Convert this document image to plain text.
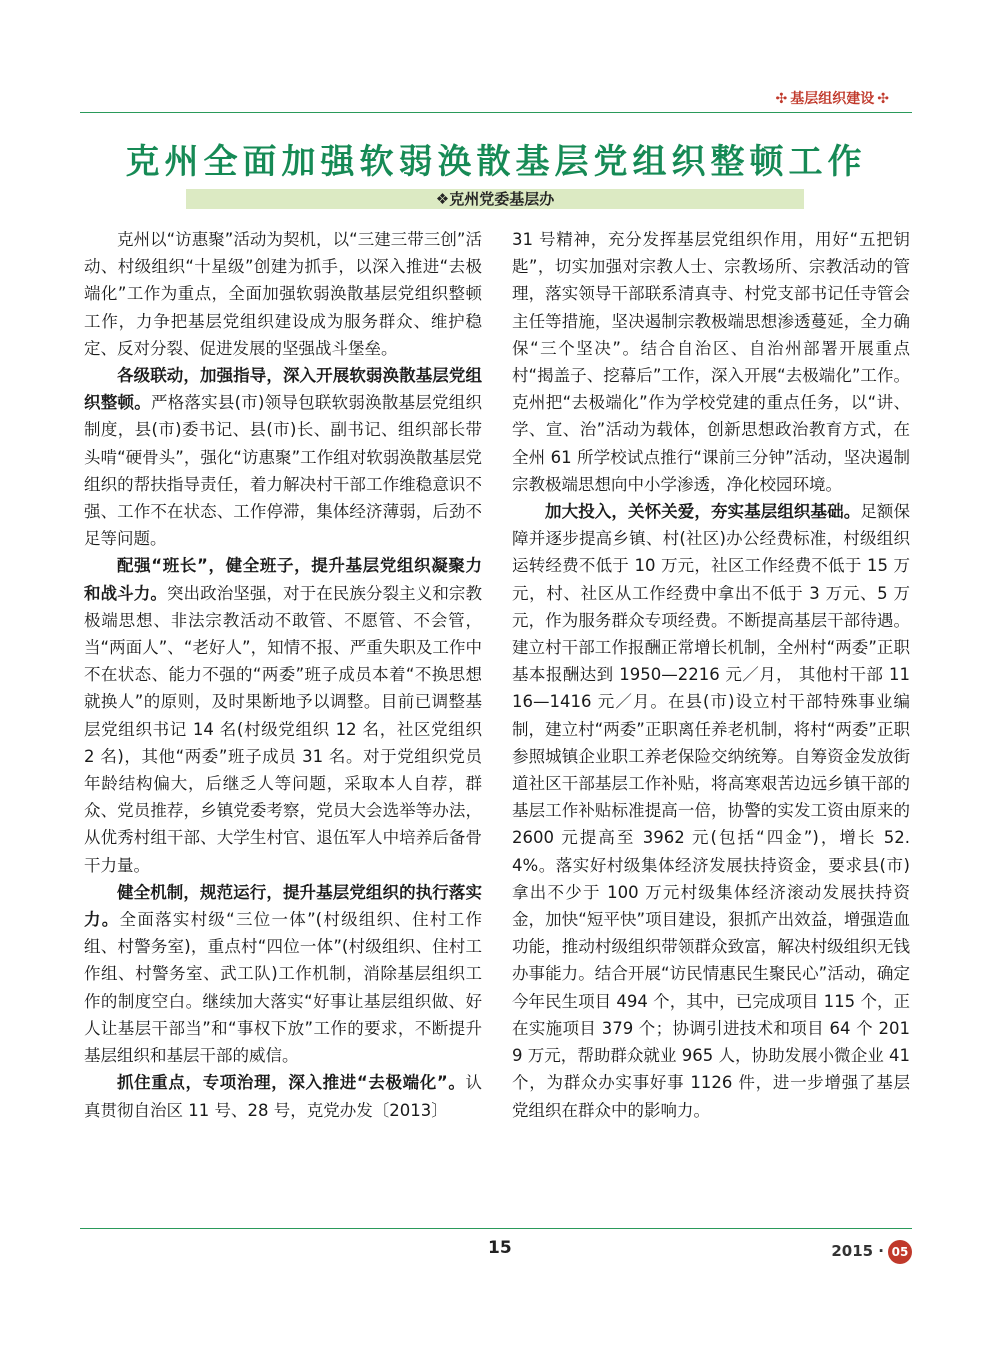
✣ 基层组织建设 ✣
克州全面加强软弱涣散基层党组织整顿工作
❖克州党委基层办

克州以“访惠聚”活动为契机，以“三建三带三创”活动、村级组织“十星级”创建为抓手，以深入推进“去极端化”工作为重点，全面加强软弱涣散基层党组织整顿工作，力争把基层党组织建设成为服务群众、维护稳定、反对分裂、促进发展的坚强战斗堡垒。

各级联动，加强指导，深入开展软弱涣散基层党组织整顿。严格落实县(市)领导包联软弱涣散基层党组织制度，县(市)委书记、县(市)长、副书记、组织部长带头啃“硬骨头”，强化“访惠聚”工作组对软弱涣散基层党组织的帮扶指导责任，着力解决村干部工作维稳意识不强、工作不在状态、工作停滞，集体经济薄弱，后劲不足等问题。

配强“班长”，健全班子，提升基层党组织凝聚力和战斗力。突出政治坚强，对于在民族分裂主义和宗教极端思想、非法宗教活动不敢管、不愿管、不会管，当“两面人”、“老好人”，知情不报、严重失职及工作中不在状态、能力不强的“两委”班子成员本着“不换思想就换人”的原则，及时果断地予以调整。目前已调整基层党组织书记 14 名(村级党组织 12 名，社区党组织 2 名)，其他“两委”班子成员 31 名。对于党组织党员年龄结构偏大，后继乏人等问题，采取本人自荐，群众、党员推荐，乡镇党委考察，党员大会选举等办法，从优秀村组干部、大学生村官、退伍军人中培养后备骨干力量。

健全机制，规范运行，提升基层党组织的执行落实力。全面落实村级“三位一体”(村级组织、住村工作组、村警务室)，重点村“四位一体”(村级组织、住村工作组、村警务室、武工队)工作机制，消除基层组织工作的制度空白。继续加大落实“好事让基层组织做、好人让基层干部当”和“事权下放”工作的要求，不断提升基层组织和基层干部的威信。

抓住重点，专项治理，深入推进“去极端化”。认真贯彻自治区 11 号、28 号，克党办发〔2013〕

31 号精神，充分发挥基层党组织作用，用好“五把钥匙”，切实加强对宗教人士、宗教场所、宗教活动的管理，落实领导干部联系清真寺、村党支部书记任寺管会主任等措施，坚决遏制宗教极端思想渗透蔓延，全力确保“三个坚决”。结合自治区、自治州部署开展重点村“揭盖子、挖幕后”工作，深入开展“去极端化”工作。克州把“去极端化”作为学校党建的重点任务，以“讲、学、宣、治”活动为载体，创新思想政治教育方式，在全州 61 所学校试点推行“课前三分钟”活动，坚决遏制宗教极端思想向中小学渗透，净化校园环境。

加大投入，关怀关爱，夯实基层组织基础。足额保障并逐步提高乡镇、村(社区)办公经费标准，村级组织运转经费不低于 10 万元，社区工作经费不低于 15 万元，村、社区从工作经费中拿出不低于 3 万元、5 万元，作为服务群众专项经费。不断提高基层干部待遇。建立村干部工作报酬正常增长机制，全州村“两委”正职基本报酬达到 1950—2216 元／月， 其他村干部 1116—1416 元／月。在县(市)设立村干部特殊事业编制，建立村“两委”正职离任养老机制，将村“两委”正职参照城镇企业职工养老保险交纳统筹。自筹资金发放街道社区干部基层工作补贴，将高寒艰苦边远乡镇干部的基层工作补贴标准提高一倍，协警的实发工资由原来的 2600 元提高至 3962 元(包括“四金”)，增长 52.4%。落实好村级集体经济发展扶持资金，要求县(市)拿出不少于 100 万元村级集体经济滚动发展扶持资金，加快“短平快”项目建设，狠抓产出效益，增强造血功能，推动村级组织带领群众致富，解决村级组织无钱办事能力。结合开展“访民情惠民生聚民心”活动，确定今年民生项目 494 个，其中，已完成项目 115 个，正在实施项目 379 个；协调引进技术和项目 64 个 2019 万元，帮助群众就业 965 人，协助发展小微企业 41 个，为群众办实事好事 1126 件，进一步增强了基层党组织在群众中的影响力。

15	2015 · 05
